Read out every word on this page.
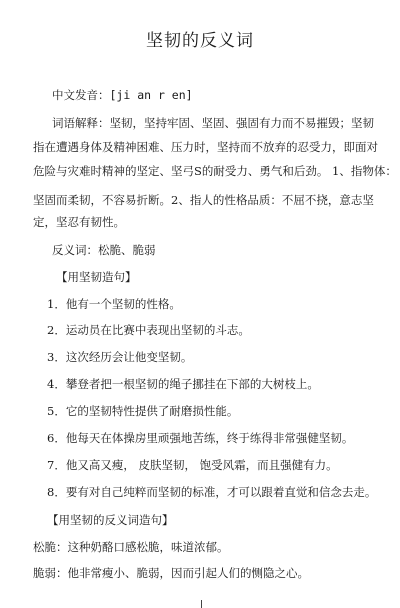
坚韧的反义词
中文发音：[ji an r en]
词语解释：坚韧，坚持牢固、坚固、强固有力而不易摧毁；坚韧
指在遭遇身体及精神困难、压力时，坚持而不放弃的忍受力，即面对
危险与灾难时精神的坚定、坚弓S的耐受力、勇气和后劲。 1、指物体：
坚固而柔韧，不容易折断。2、指人的性格品质：不屈不挠，意志坚
定，坚忍有韧性。
反义词：松脆、脆弱
【用坚韧造句】
1．他有一个坚韧的性格。
2．运动员在比赛中表现出坚韧的斗志。
3．这次经历会让他变坚韧。
4．攀登者把一根坚韧的绳子挪挂在下部的大树枝上。
5．它的坚韧特性提供了耐磨损性能。
6．他每天在体操房里顽强地苦练，终于练得非常强健坚韧。
7．他又高又瘦， 皮肤坚韧， 饱受风霜，而且强健有力。
8．要有对自己纯粹而坚韧的标准，才可以跟着直觉和信念去走。
【用坚韧的反义词造句】
松脆：这种奶酪口感松脆，味道浓郁。
脆弱：他非常瘦小、脆弱，因而引起人们的恻隐之心。
